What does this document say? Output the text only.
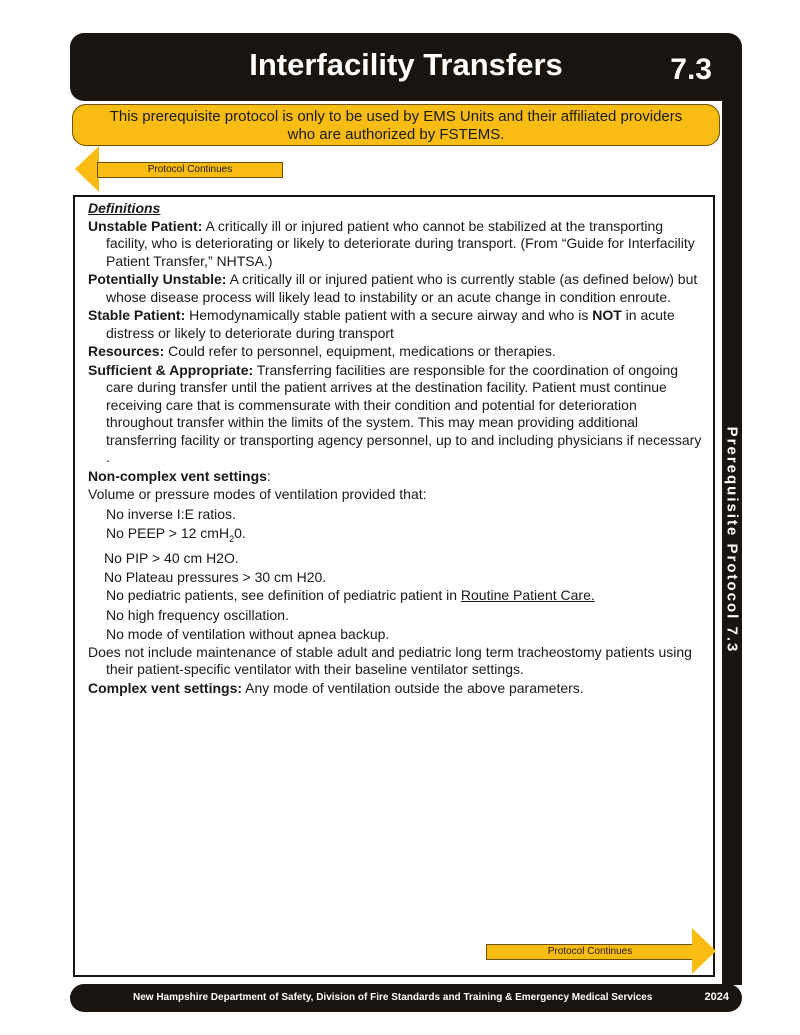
Interfacility Transfers	7.3
Prerequisite Protocol 7.3
This prerequisite protocol is only to be used by EMS Units and their affiliated providers
who are authorized by FSTEMS.
Protocol Continues

Definitions

Unstable Patient: A critically ill or injured patient who cannot be stabilized at the transporting facility, who is deteriorating or likely to deteriorate during transport. (From “Guide for Interfacility Patient Transfer,” NHTSA.)

Potentially Unstable: A critically ill or injured patient who is currently stable (as defined below) but whose disease process will likely lead to instability or an acute change in condition enroute.

Stable Patient: Hemodynamically stable patient with a secure airway and who is NOT in acute distress or likely to deteriorate during transport

Resources: Could refer to personnel, equipment, medications or therapies.

Sufficient & Appropriate: Transferring facilities are responsible for the coordination of ongoing care during transfer until the patient arrives at the destination facility. Patient must continue receiving care that is commensurate with their condition and potential for deterioration throughout transfer within the limits of the system. This may mean providing additional transferring facility or transporting agency personnel, up to and including physicians if necessary .

Non-complex vent settings:

Volume or pressure modes of ventilation provided that:

No inverse I:E ratios.

No PEEP > 12 cmH$_2$0.

No PIP > 40 cm H2O.

No Plateau pressures > 30 cm H20.

No pediatric patients, see definition of pediatric patient in Routine Patient Care.

No high frequency oscillation.

No mode of ventilation without apnea backup.

Does not include maintenance of stable adult and pediatric long term tracheostomy patients using their patient-specific ventilator with their baseline ventilator settings.

Complex vent settings: Any mode of ventilation outside the above parameters.

Protocol Continues
New Hampshire Department of Safety, Division of Fire Standards and Training & Emergency Medical Services	2024
